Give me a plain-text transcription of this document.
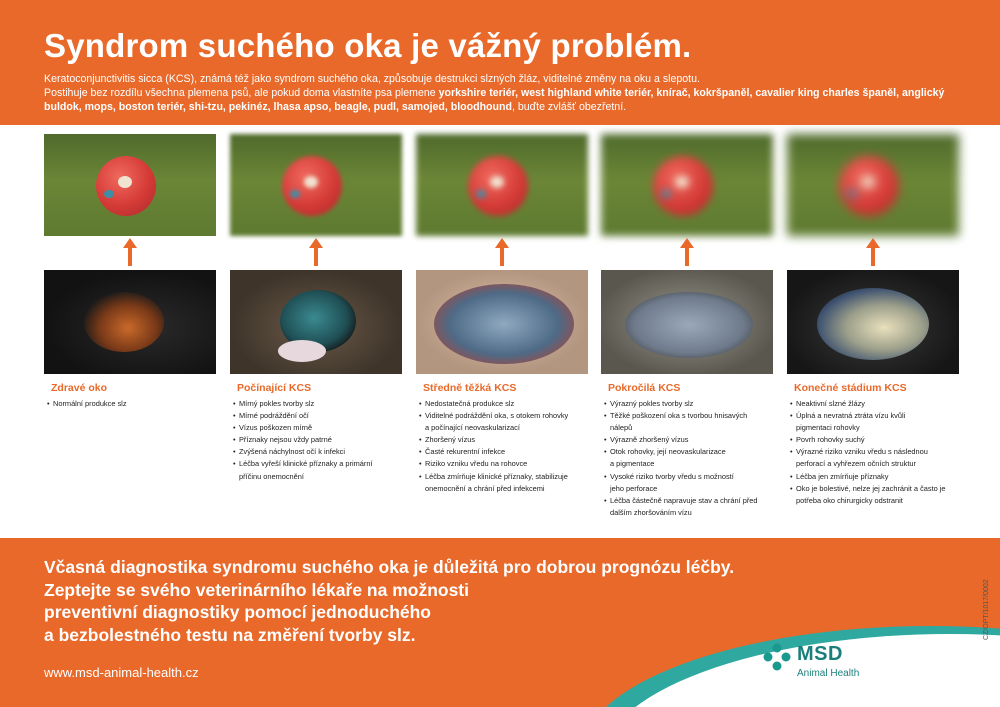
Syndrom suchého oka je vážný problém.
Keratoconjunctivitis sicca (KCS), známá též jako syndrom suchého oka, způsobuje destrukci slzných žláz, viditelné změny na oku a slepotu.
Postihuje bez rozdílu všechna plemena psů, ale pokud doma vlastníte psa plemene yorkshire teriér, west highland white teriér, knírač, kokršpaněl, cavalier king charles španěl, anglický buldok, mops, boston teriér, shi-tzu, pekinéz, lhasa apso, beagle, pudl, samojed, bloodhound, buďte zvlášť obezřetní.
Zdravé oko
• Normální produkce slz
Počínající KCS
• Mírný pokles tvorby slz
• Mírné podráždění očí
• Vízus poškozen mírně
• Příznaky nejsou vždy patrné
• Zvýšená náchylnost očí k infekci
• Léčba vyřeší klinické příznaky a primární
příčinu onemocnění
Středně těžká KCS
• Nedostatečná produkce slz
• Viditelné podráždění oka, s otokem rohovky
a počínající neovaskularizací
• Zhoršený vízus
• Časté rekurentní infekce
• Riziko vzniku vředu na rohovce
• Léčba zmírňuje klinické příznaky, stabilizuje
onemocnění a chrání před infekcemi
Pokročilá KCS
• Výrazný pokles tvorby slz
• Těžké poškození oka s tvorbou hnisavých
nálepů
• Výrazně zhoršený vízus
• Otok rohovky, její neovaskularizace
a pigmentace
• Vysoké riziko tvorby vředu s možností
jeho perforace
• Léčba částečně napravuje stav a chrání před
dalším zhoršováním vízu
Konečné stádium KCS
• Neaktivní slzné žlázy
• Úplná a nevratná ztráta vízu kvůli
pigmentaci rohovky
• Povrh rohovky suchý
• Výrazné riziko vzniku vředu s následnou
perforací a vyhřezem očních struktur
• Léčba jen zmírňuje příznaky
• Oko je bolestivé, nelze jej zachránit a často je
potřeba oko chirurgicky odstranit
Včasná diagnostika syndromu suchého oka je důležitá pro dobrou prognózu léčby.
Zeptejte se svého veterinárního lékaře na možnosti
preventivní diagnostiky pomocí jednoduchého
a bezbolestného testu na změření tvorby slz.
www.msd-animal-health.cz
MSD
Animal Health
CZ/OPT/1017/0002
